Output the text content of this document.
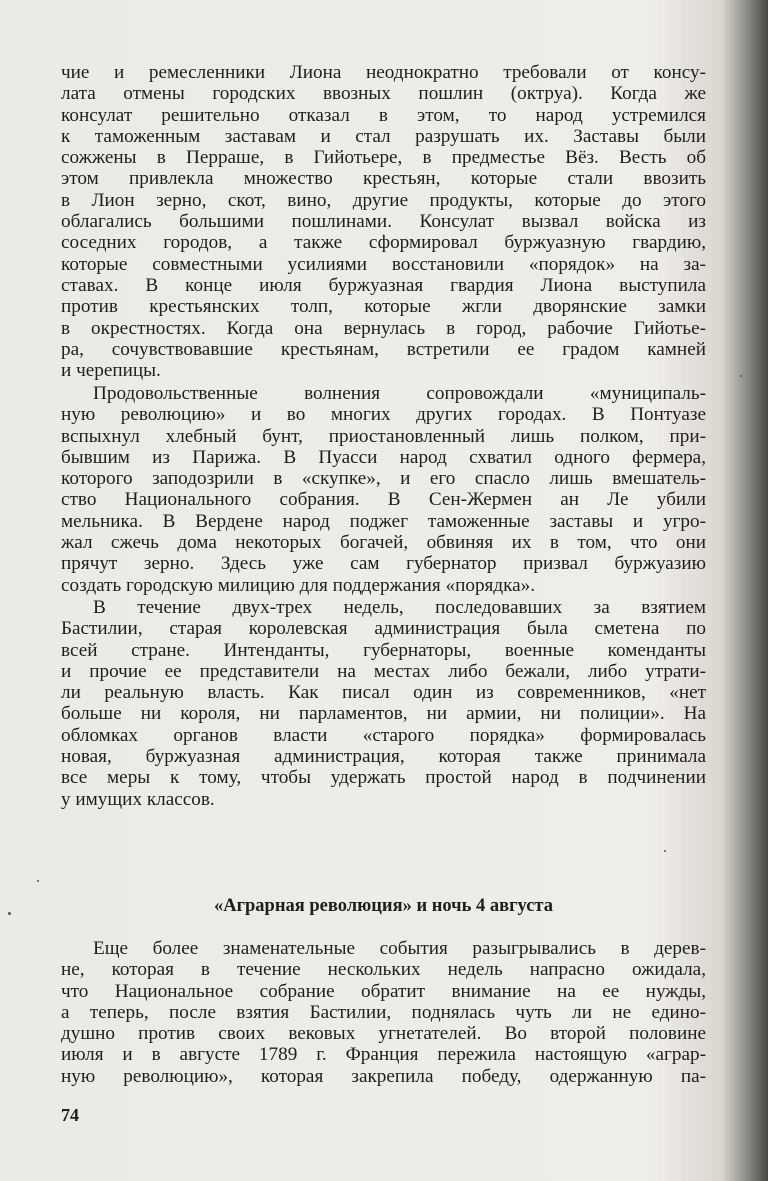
чие и ремесленники Лиона неоднократно требовали от консу-
лата отмены городских ввозных пошлин (октруа). Когда же
консулат решительно отказал в этом, то народ устремился
к таможенным заставам и стал разрушать их. Заставы были
сожжены в Перраше, в Гийотьере, в предместье Вёз. Весть об
этом привлекла множество крестьян, которые стали ввозить
в Лион зерно, скот, вино, другие продукты, которые до этого
облагались большими пошлинами. Консулат вызвал войска из
соседних городов, а также сформировал буржуазную гвардию,
которые совместными усилиями восстановили «порядок» на за-
ставах. В конце июля буржуазная гвардия Лиона выступила
против крестьянских толп, которые жгли дворянские замки
в окрестностях. Когда она вернулась в город, рабочие Гийотье-
ра, сочувствовавшие крестьянам, встретили ее градом камней
и черепицы.
Продовольственные волнения сопровождали «муниципаль-
ную революцию» и во многих других городах. В Понтуазе
вспыхнул хлебный бунт, приостановленный лишь полком, при-
бывшим из Парижа. В Пуасси народ схватил одного фермера,
которого заподозрили в «скупке», и его спасло лишь вмешатель-
ство Национального собрания. В Сен-Жермен ан Ле убили
мельника. В Вердене народ поджег таможенные заставы и угро-
жал сжечь дома некоторых богачей, обвиняя их в том, что они
прячут зерно. Здесь уже сам губернатор призвал буржуазию
создать городскую милицию для поддержания «порядка».
В течение двух-трех недель, последовавших за взятием
Бастилии, старая королевская администрация была сметена по
всей стране. Интенданты, губернаторы, военные коменданты
и прочие ее представители на местах либо бежали, либо утрати-
ли реальную власть. Как писал один из современников, «нет
больше ни короля, ни парламентов, ни армии, ни полиции». На
обломках органов власти «старого порядка» формировалась
новая, буржуазная администрация, которая также принимала
все меры к тому, чтобы удержать простой народ в подчинении
у имущих классов.
«Аграрная революция» и ночь 4 августа
Еще более знаменательные события разыгрывались в дерев-
не, которая в течение нескольких недель напрасно ожидала,
что Национальное собрание обратит внимание на ее нужды,
а теперь, после взятия Бастилии, поднялась чуть ли не едино-
душно против своих вековых угнетателей. Во второй половине
июля и в августе 1789 г. Франция пережила настоящую «аграр-
ную революцию», которая закрепила победу, одержанную па-
74
